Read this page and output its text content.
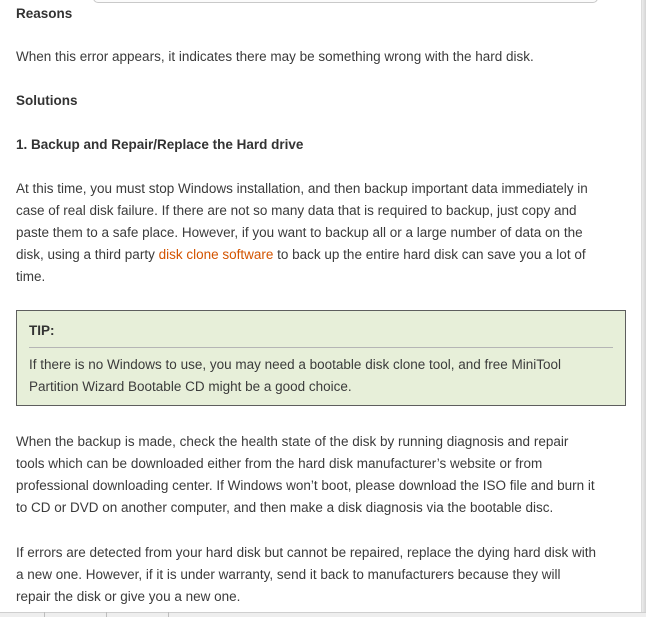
Reasons

When this error appears, it indicates there may be something wrong with the hard disk.

Solutions
1. Backup and Repair/Replace the Hard drive

At this time, you must stop Windows installation, and then backup important data immediately in

case of real disk failure. If there are not so many data that is required to backup, just copy and

paste them to a safe place. However, if you want to backup all or a large number of data on the

disk, using a third party disk clone software to back up the entire hard disk can save you a lot of

time.

TIP:

If there is no Windows to use, you may need a bootable disk clone tool, and free MiniTool

Partition Wizard Bootable CD might be a good choice.

When the backup is made, check the health state of the disk by running diagnosis and repair

tools which can be downloaded either from the hard disk manufacturer’s website or from

professional downloading center. If Windows won’t boot, please download the ISO file and burn it

to CD or DVD on another computer, and then make a disk diagnosis via the bootable disc.

If errors are detected from your hard disk but cannot be repaired, replace the dying hard disk with

a new one. However, if it is under warranty, send it back to manufacturers because they will

repair the disk or give you a new one.
